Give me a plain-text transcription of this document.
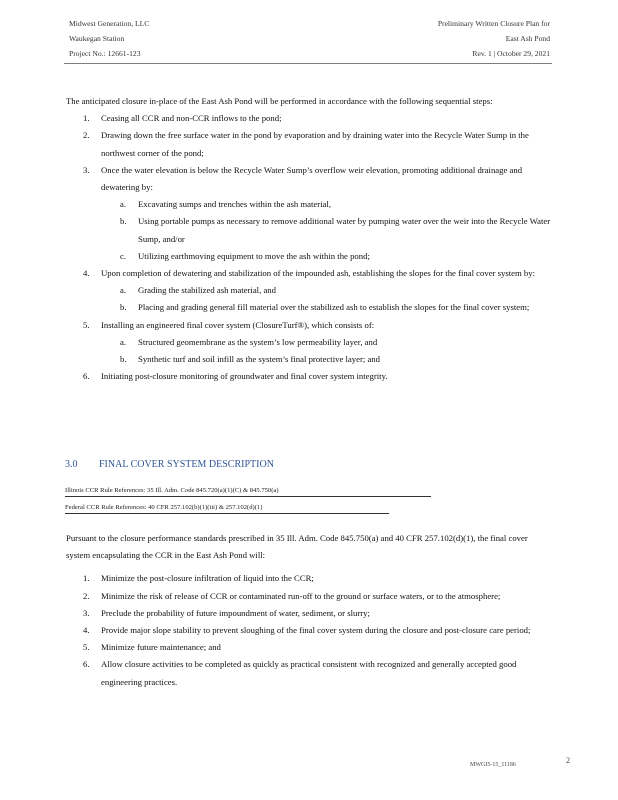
Midwest Generation, LLC
Waukegan Station
Project No.: 12661-123
Preliminary Written Closure Plan for
East Ash Pond
Rev. 1 | October 29, 2021

The anticipated closure in-place of the East Ash Pond will be performed in accordance with the following sequential steps:

1. Ceasing all CCR and non-CCR inflows to the pond;
2. Drawing down the free surface water in the pond by evaporation and by draining water into the Recycle Water Sump in the northwest corner of the pond;
3. Once the water elevation is below the Recycle Water Sump’s overflow weir elevation, promoting additional drainage and dewatering by:
a. Excavating sumps and trenches within the ash material,
b. Using portable pumps as necessary to remove additional water by pumping water over the weir into the Recycle Water Sump, and/or
c. Utilizing earthmoving equipment to move the ash within the pond;
4. Upon completion of dewatering and stabilization of the impounded ash, establishing the slopes for the final cover system by:
a. Grading the stabilized ash material, and
b. Placing and grading general fill material over the stabilized ash to establish the slopes for the final cover system;
5. Installing an engineered final cover system (ClosureTurf®), which consists of:
a. Structured geomembrane as the system’s low permeability layer, and
b. Synthetic turf and soil infill as the system’s final protective layer; and
6. Initiating post-closure monitoring of groundwater and final cover system integrity.
3.0 FINAL COVER SYSTEM DESCRIPTION
Illinois CCR Rule References: 35 Ill. Adm. Code 845.720(a)(1)(C) & 845.750(a)
Federal CCR Rule References: 40 CFR 257.102(b)(1)(iii) & 257.102(d)(1)

Pursuant to the closure performance standards prescribed in 35 Ill. Adm. Code 845.750(a) and 40 CFR 257.102(d)(1), the final cover system encapsulating the CCR in the East Ash Pond will:

1. Minimize the post-closure infiltration of liquid into the CCR;
2. Minimize the risk of release of CCR or contaminated run-off to the ground or surface waters, or to the atmosphere;
3. Preclude the probability of future impoundment of water, sediment, or slurry;
4. Provide major slope stability to prevent sloughing of the final cover system during the closure and post-closure care period;
5. Minimize future maintenance; and
6. Allow closure activities to be completed as quickly as practical consistent with recognized and generally accepted good engineering practices.
MWGI5-15_11186	2
